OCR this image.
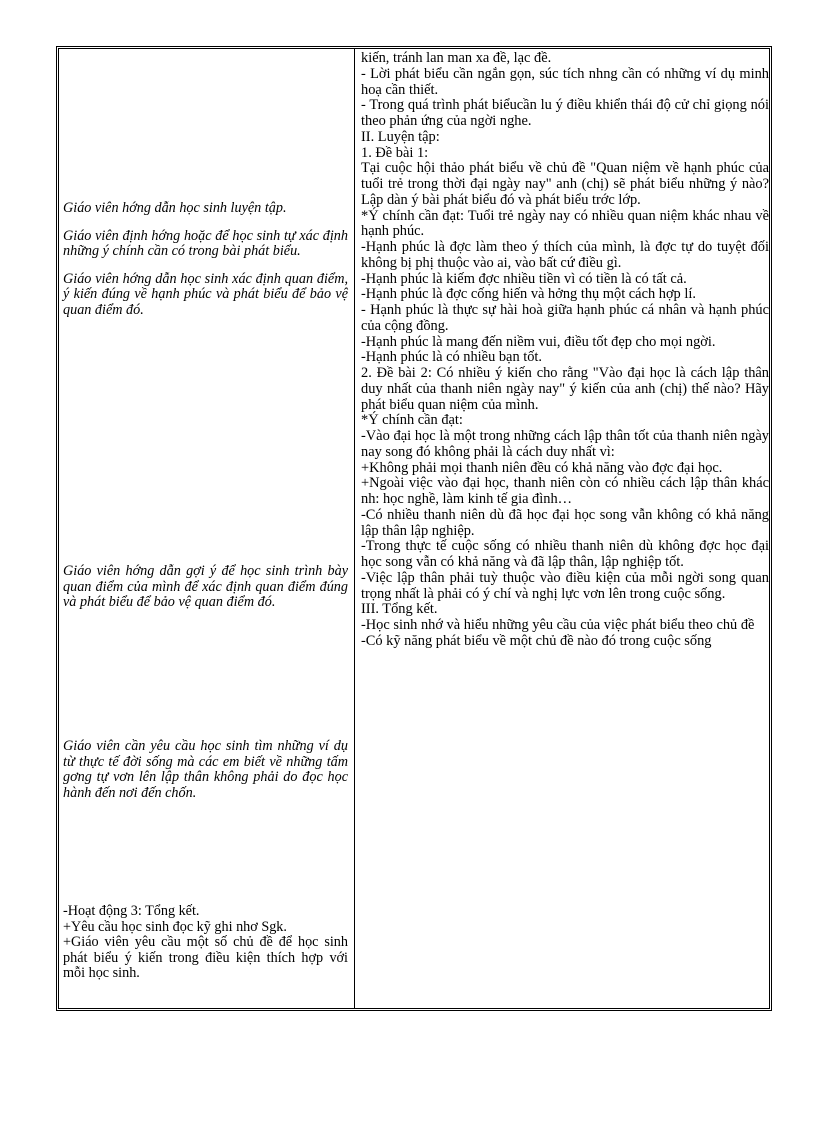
Giáo viên hớng dẫn học sinh luyện tập.

Giáo viên định hớng hoặc để học sinh tự xác định những ý chính cần có trong bài phát biểu.

Giáo viên hớng dẫn học sinh xác định quan điểm, ý kiến đúng về hạnh phúc và phát biểu để bảo vệ quan điểm đó.

Giáo viên hớng dẫn gợi ý để học sinh trình bày quan điểm của mình để xác định quan điểm đúng và phát biểu để bảo vệ quan điểm đó.

Giáo viên cần yêu cầu học sinh tìm những ví dụ từ thực tế đời sống mà các em biết về những tấm gơng tự vơn lên lập thân không phải do đọc học hành đến nơi đến chốn.

-Hoạt động 3: Tổng kết.

+Yêu cầu học sinh đọc kỹ ghi nhơ Sgk.

+Giáo viên yêu cầu một số chủ đề để học sinh phát biểu ý kiến trong điều kiện thích hợp với mỗi học sinh.

kiến, tránh lan man xa đề, lạc đề.

- Lời phát biểu cần ngắn gọn, súc tích nhng cần có những ví dụ minh hoạ cần thiết.

- Trong quá trình phát biểucần lu ý điều khiển thái độ cử chỉ giọng nói theo phản ứng của ngời nghe.

II. Luyện tập:

1. Đề bài 1:

Tại cuộc hội thảo phát biểu về chủ đề "Quan niệm về hạnh phúc của tuổi trẻ trong thời đại ngày nay" anh (chị) sẽ phát biểu những ý nào? Lập dàn ý bài phát biểu đó và phát biểu trớc lớp.

*Ý chính cần đạt: Tuổi trẻ ngày nay có nhiều quan niệm khác nhau về hạnh phúc.

-Hạnh phúc là đợc làm theo ý thích của mình, là đợc tự do tuyệt đối không bị phị thuộc vào ai, vào bất cứ điều gì.

-Hạnh phúc là kiếm đợc nhiều tiền vì có tiền là có tất cả.

-Hạnh phúc là đợc cống hiến và hởng thụ một cách hợp lí.

- Hạnh phúc là thực sự hài hoà giữa hạnh phúc cá nhân và hạnh phúc của cộng đồng.

-Hạnh phúc là mang đến niềm vui, điều tốt đẹp cho mọi ngời.

-Hạnh phúc là có nhiều bạn tốt.

2. Đề bài 2: Có nhiều ý kiến cho rằng "Vào đại học là cách lập thân duy nhất của thanh niên ngày nay" ý kiến của anh (chị) thế nào? Hãy phát biểu quan niệm của mình.

*Ý chính cần đạt:

-Vào đại học là một trong những cách lập thân tốt của thanh niên ngày nay song đó không phải là cách duy nhất vì:

+Không phải mọi thanh niên đều có khả năng vào đợc đại học.

+Ngoài việc vào đại học, thanh niên còn có nhiều cách lập thân khác nh: học nghề, làm kinh tế gia đình…

-Có nhiều thanh niên dù đã học đại học song vẫn không có khả năng lập thân lập nghiệp.

-Trong thực tế cuộc sống có nhiều thanh niên dù không đợc học đại học song vẫn có khả năng và đã lập thân, lập nghiệp tốt.

-Việc lập thân phải tuỳ thuộc vào điều kiện của mỗi ngời song quan trọng nhất là phải có ý chí và nghị lực vơn lên trong cuộc sống.

III. Tổng kết.

-Học sinh nhớ và hiểu những yêu cầu của việc phát biểu theo chủ đề

-Có kỹ năng phát biểu về một chủ đề nào đó trong cuộc sống
